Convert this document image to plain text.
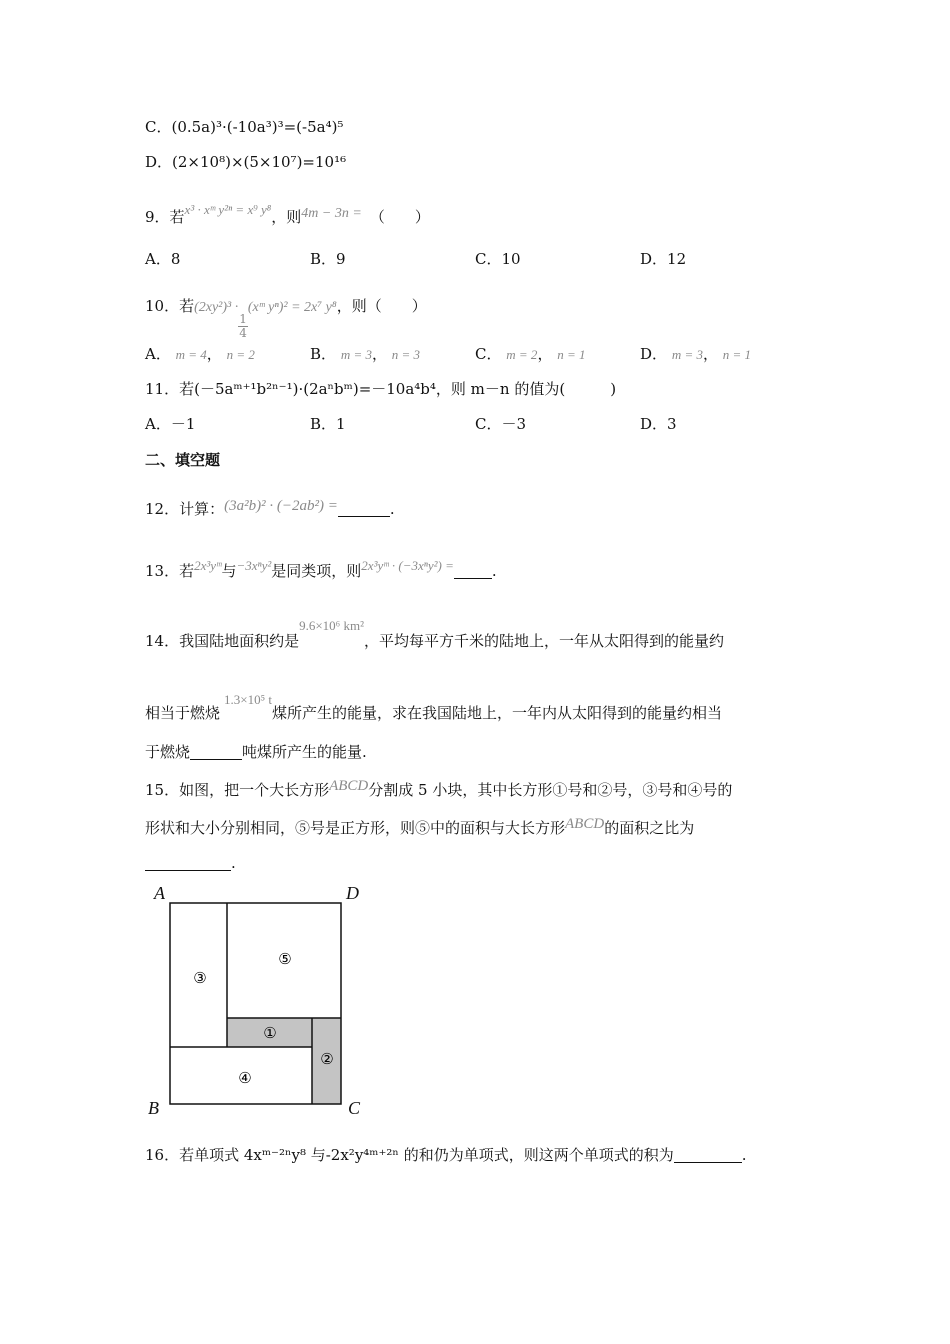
C．(0.5a)³·(-10a³)³=(-5a⁴)⁵
D．(2×10⁸)×(5×10⁷)=10¹⁶
9．若x³ · xᵐ y²ⁿ = x⁹ y⁸，则4m − 3n = （　　）
A．8	B．9	C．10	D．12
10．若(2xy²)³ ·
$\frac{1}{4}$
(xᵐ yⁿ)² = 2x⁷ y⁸，则（　　）
A． m = 4， n = 2	B． m = 3， n = 3	C． m = 2， n = 1	D． m = 3， n = 1
11．若(－5aᵐ⁺¹b²ⁿ⁻¹)·(2aⁿbᵐ)=－10a⁴b⁴，则 m－n 的值为(　　　)
A．－1	B．1	C．－3	D．3
二、填空题
12．计算：(3a²b)² · (−2ab²) =	.
13．若2x³yᵐ与−3xⁿy²是同类项，则2x³yᵐ · (−3xⁿy²) =	.
14．我国陆地面积约是9.6×10⁶ km²，平均每平方千米的陆地上，一年从太阳得到的能量约
相当于燃烧1.3×10⁵ t煤所产生的能量，求在我国陆地上，一年内从太阳得到的能量约相当
于燃烧	吨煤所产生的能量.
15．如图，把一个大长方形ABCD分割成 5 小块，其中长方形①号和②号，③号和④号的
形状和大小分别相同，⑤号是正方形，则⑤中的面积与大长方形ABCD的面积之比为
.
A	D
B	C
③
⑤
①
②
④
16．若单项式 4xᵐ⁻²ⁿy⁸ 与-2x²y⁴ᵐ⁺²ⁿ 的和仍为单项式，则这两个单项式的积为	.
